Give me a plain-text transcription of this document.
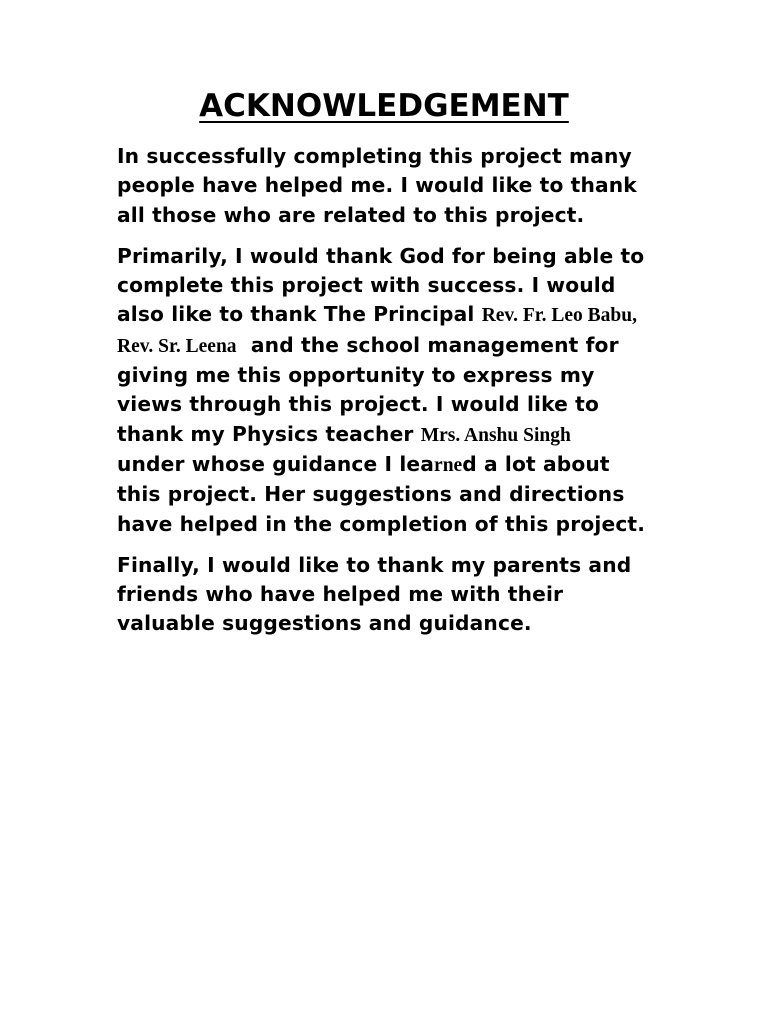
ACKNOWLEDGEMENT

In successfully completing this project many people have helped me. I would like to thank all those who are related to this project.

Primarily, I would thank God for being able to complete this project with success. I would also like to thank The Principal Rev. Fr. Leo Babu, Rev. Sr. Leena  and the school management for giving me this opportunity to express my views through this project. I would like to thank my Physics teacher Mrs. Anshu Singh
under whose guidance I learned a lot about this project. Her suggestions and directions have helped in the completion of this project.

Finally, I would like to thank my parents and friends who have helped me with their valuable suggestions and guidance.
